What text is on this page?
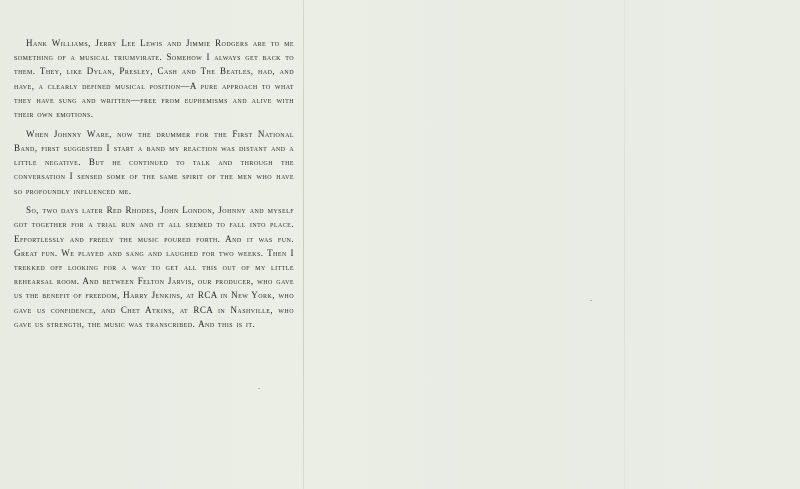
Hank Williams, Jerry Lee Lewis and Jimmie Rodgers are to me something of a musical triumvirate. Somehow I always get back to them. They, like Dylan, Presley, Cash and The Beatles, had, and have, a clearly defined musical position—A pure approach to what they have sung and written—free from euphemisms and alive with their own emotions.

When Johnny Ware, now the drummer for the First National Band, first suggested I start a band my reaction was distant and a little negative. But he continued to talk and through the conversation I sensed some of the same spirit of the men who have so profoundly influenced me.

So, two days later Red Rhodes, John London, Johnny and myself got together for a trial run and it all seemed to fall into place. Effortlessly and freely the music poured forth. And it was fun. Great fun. We played and sang and laughed for two weeks. Then I trekked off looking for a way to get all this out of my little rehearsal room. And between Felton Jarvis, our producer, who gave us the benefit of freedom, Harry Jenkins, at RCA in New York, who gave us confidence, and Chet Atkins, at RCA in Nashville, who gave us strength, the music was transcribed. And this is it.
